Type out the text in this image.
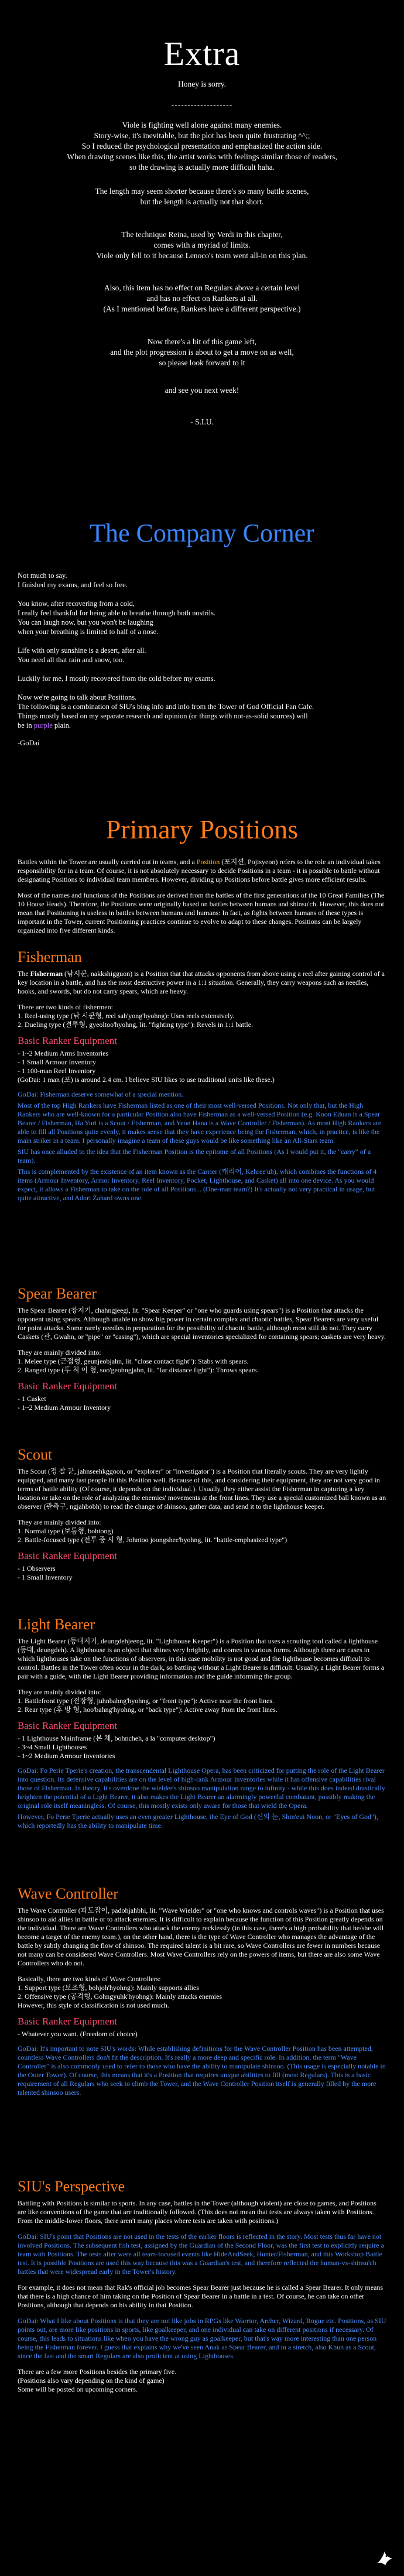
Extra
Honey is sorry.
-------------------
Viole is fighting well alone against many enemies.
Story-wise, it's inevitable, but the plot has been quite frustrating ^^;;
So I reduced the psychological presentation and emphasized the action side.
When drawing scenes like this, the artist works with feelings similar those of readers,
so the drawing is actually more difficult haha.
The length may seem shorter because there's so many battle scenes,
but the length is actually not that short.
The technique Reina, used by Verdi in this chapter,
comes with a myriad of limits.
Viole only fell to it because Lenoco's team went all-in on this plan.
Also, this item has no effect on Regulars above a certain level
and has no effect on Rankers at all.
(As I mentioned before, Rankers have a different perspective.)
Now there's a bit of this game left,
and the plot progression is about to get a move on as well,
so please look forward to it
and see you next week!
- S.I.U.
The Company Corner

Not much to say.
I finished my exams, and feel so free.

You know, after recovering from a cold,
I really feel thankful for being able to breathe through both nostrils.
You can laugh now, but you won't be laughing
when your breathing is limited to half of a nose.

Life with only sunshine is a desert, after all.
You need all that rain and snow, too.

Luckily for me, I mostly recovered from the cold before my exams.

Now we're going to talk about Positions.
The following is a combination of SIU's blog info and info from the Tower of God Official Fan Cafe.
Things mostly based on my separate research and opinion (or things with not-as-solid sources) will
be in purple plain.

-GoDai

Primary Positions

Battles within the Tower are usually carried out in teams, and a Position (포지션, Pojisyeon) refers to the role an individual takes responsibility for in a team. Of course, it is not absolutely necessary to decide Positions in a team - it is possible to battle without designating Positions to individual team members. However, dividing up Positions before battle gives more efficient results.

Most of the names and functions of the Positions are derived from the battles of the first generations of the 10 Great Families (The 10 House Heads). Therefore, the Positions were originally based on battles between humans and shinsu'ch. However, this does not mean that Positioning is useless in battles between humans and humans: In fact, as fights between humans of these types is important in the Tower, current Positioning practices continue to evolve to adapt to these changes. Positions can be largely organized into five different kinds.

Fisherman

The Fisherman (낚시꾼, nakkshigguon) is a Position that that attacks opponents from above using a reel after gaining control of a key location in a battle, and has the most destructive power in a 1:1 situation. Generally, they carry weapons such as needles, hooks, and swords, but do not carry spears, which are heavy.

There are two kinds of fishermen:
1. Reel-using type (낚 시꾼형, reel sah'yong'hyohng): Uses reels extensively.
2. Dueling type (결투형, gyeoltoo'hyohng, lit. "fighting type"): Revels in 1:1 battle.
Basic Ranker Equipment
- 1~2 Medium Arms Inventories
- 1 Small Armour Inventory
- 1 100-man Reel Inventory
(GoDai: 1 man (포) is around 2.4 cm. I believe SIU likes to use traditional units like these.)

GoDai: Fisherman deserve somewhat of a special mention.

Most of the top High Rankers have Fisherman listed as one of their most well-versed Positions. Not only that, but the High Rankers who are well-known for a particular Position also have Fisherman as a well-versed Position (e.g. Koon Eduan is a Spear Bearer / Fisherman, Ha Yuri is a Scout / Fisherman, and Yeon Hana is a Wave Controller / Fisherman). As most High Rankers are able to fill all Positions quite evenly, it makes sense that they have experience being the Fisherman, which, in practice, is like the main striker in a team. I personally imagine a team of these guys would be like something like an All-Stars team.

SIU has once alluded to the idea that the Fisherman Position is the epitome of all Positions (As I would put it, the "carry" of a team).

This is complemented by the existence of an item known as the Carrier (캐리어, Kehree'uh), which combines the functions of 4 items (Armour Inventory, Armor Inventory, Reel Inventory, Pocket, Lighthouse, and Casket) all into one device. As you would expect, it allows a Fisherman to take on the role of all Positions... (One-man team?) It's actually not very practical in usage, but quite attractive, and Adori Zahard owns one.

Spear Bearer

The Spear Bearer (창지기, chahngjeegi, lit. "Spear Keeper" or "one who guards using spears") is a Position that attacks the opponent using spears. Although unable to show big power in certain complex and chaotic battles, Spear Bearers are very useful for point attacks. Some rarely needles in preparation for the possibility of chaotic battle, although most still do not. They carry Caskets (관, Gwahn, or "pipe" or "casing"), which are special inventories specialized for containing spears; caskets are very heavy.

They are mainly divided into:
1. Melee type (근접형, geunjeobjahn, lit. "close contact fight"): Stabs with spears.
2. Ranged type (투 척 이 형, soo'geohngjahn, lit. "far distance fight"): Throws spears.
Basic Ranker Equipment
- 1 Casket
- 1~2 Medium Armour Inventory
Scout

The Scout (정 찰 꾼, jahnseehkggoon, or "explorer" or "investigator") is a Position that literally scouts. They are very lightly equipped, and many fast people fit this Position well. Because of this, and considering their equipment, they are not very good in terms of battle ability (Of course, it depends on the individual.). Usually, they either assist the Fisherman in capturing a key location or take on the role of analyzing the enemies' movements at the front lines. They use a special customized ball known as an observer (관측구, ngjahbobh) to read the change of shinsoo, gather data, and send it to the lighthouse keeper.

They are mainly divided into:
1. Normal type (보통형, bohtong)
2. Battle-focused type (전투 중 시 형, Johntoo joongshee'hyohng, lit. "battle-emphasized type")
Basic Ranker Equipment
- 1 Observers
- 1 Small Inventory
Light Bearer

The Light Bearer (등대지기, deungdehjeeng, lit. "Lighthouse Keeper") is a Position that uses a scouting tool called a lighthouse (등대, deungdeh). A lighthouse is an object that shines very brightly, and comes in various forms. Although there are cases in which lighthouses take on the functions of observers, in this case mobility is not good and the lighthouse becomes difficult to control. Battles in the Tower often occur in the dark, so battling without a Light Bearer is difficult. Usually, a Light Bearer forms a pair with a guide, with the Light Bearer providing information and the guide informing the group.

They are mainly divided into:
1. Battlefront type (전장형, juhnbahng'hyohng, or "front type"): Active near the front lines.
2. Rear type (후 방 형, hoo'bahng'hyohng, or "back type"): Active away from the front lines.
Basic Ranker Equipment
- 1 Lighthouse Mainframe (본 체, bohncheh, a la "computer desktop")
- 3~4 Small Lighthouses
- 1~2 Medium Armour Inventories

GoDai: Fo Perie Tperie's creation, the transcendental Lighthouse Opera, has been criticized for putting the role of the Light Bearer into question. Its defensive capabilities are on the level of high-rank Armour Inventories while it has offensive capabilities rival those of Fisherman. In theory, it's overdone the wielder's shinsoo manipulation range to infinity - while this does indeed drastically heighten the potential of a Light Bearer, it also makes the Light Bearer an alarmingly powerful combatant, possibly making the original role itself meaningless. Of course, this mostly exists only aware for those that wield the Opera.

However, Fo Perie Tperie actually uses an even greater Lighthouse, the Eye of God (신의 눈, Shin'eui Noon, or "Eyes of God"), which reportedly has the ability to manipulate time.

Wave Controller

The Wave Controller (파도잡이, padohjahbhi, lit. "Wave Wielder" or "one who knows and controls waves") is a Position that uses shinsoo to aid allies in battle or to attack enemies. It is difficult to explain because the function of this Position greatly depends on the individual. There are Wave Controllers who attack the enemy recklessly (in this case, there's a high probability that he/she will become a target of the enemy team.), on the other hand, there is the type of Wave Controller who manages the advantage of the battle by subtly changing the flow of shinsoo. The required talent is a bit rare, so Wave Controllers are fewer in numbers because not many can be considered Wave Controllers. Most Wave Controllers rely on the powers of items, but there are also some Wave Controllers who do not.

Basically, there are two kinds of Wave Controllers:
1. Support type (보조형, bohjoh'hyohng): Mainly supports allies
2. Offensive type (공격형, Gohngyuhk'hyohng): Mainly attacks enemies
However, this style of classification is not used much.
Basic Ranker Equipment
- Whatever you want. (Freedom of choice)

GoDai: It's important to note SIU's words: While establishing definitions for the Wave Controller Position has been attempted, countless Wave Controllers don't fit the description. It's really a more deep and specific role. In addition, the term "Wave Controller" is also commonly used to refer to those who have the ability to manipulate shinsoo. (This usage is especially notable in the Outer Tower). Of course, this means that it's a Position that requires unique abilities to fill (most Regulars). This is a basic requirement of all Regulars who seek to climb the Tower, and the Wave Controller Position itself is generally filled by the more talented shinsoo users.

SIU's Perspective

Battling with Positions is similar to sports. In any case, battles in the Tower (although violent) are close to games, and Positions are like conventions of the game that are traditionally followed. (This does not mean that tests are always taken with Positions. From the middle-lower floors, there aren't many places where tests are taken with positions.)

GoDai: SIU's point that Positions are not used in the tests of the earlier floors is reflected in the story. Most tests thus far have not involved Positions. The subsequent fish test, assigned by the Guardian of the Second Floor, was the first test to explicitly require a team with Positions. The tests after were all team-focused events like HideAndSeek, Hunter/Fisherman, and this Workshop Battle test. It is possible Positions are used this way because this was a Guardian's test, and therefore reflected the human-vs-shinsu'ch battles that were widespread early in the Tower's history.

For example, it does not mean that Rak's official job becomes Spear Bearer just because he is called a Spear Bearer. It only means that there is a high chance of him taking on the Position of Spear Bearer in a battle in a test. Of course, he can take on other Positions, although that depends on his ability in that Position.

GoDai: What I like about Positions is that they are not like jobs in RPGs like Warrior, Archer, Wizard, Rogue etc. Positions, as SIU points out, are more like positions in sports, like goalkeeper, and one individual can take on different positions if necessary. Of course, this leads to situations like when you have the wrong guy as goalkeeper, but that's way more interesting than one person being the Fisherman forever. I guess that explains why we've seen Anak as Spear Bearer, and in a stretch, also Khun as a Scout, since the fast and the smart Regulars are also proficient at using Lighthouses.

There are a few more Positions besides the primary five.
(Positions also vary depending on the kind of game)
Some will be posted on upcoming corners.
